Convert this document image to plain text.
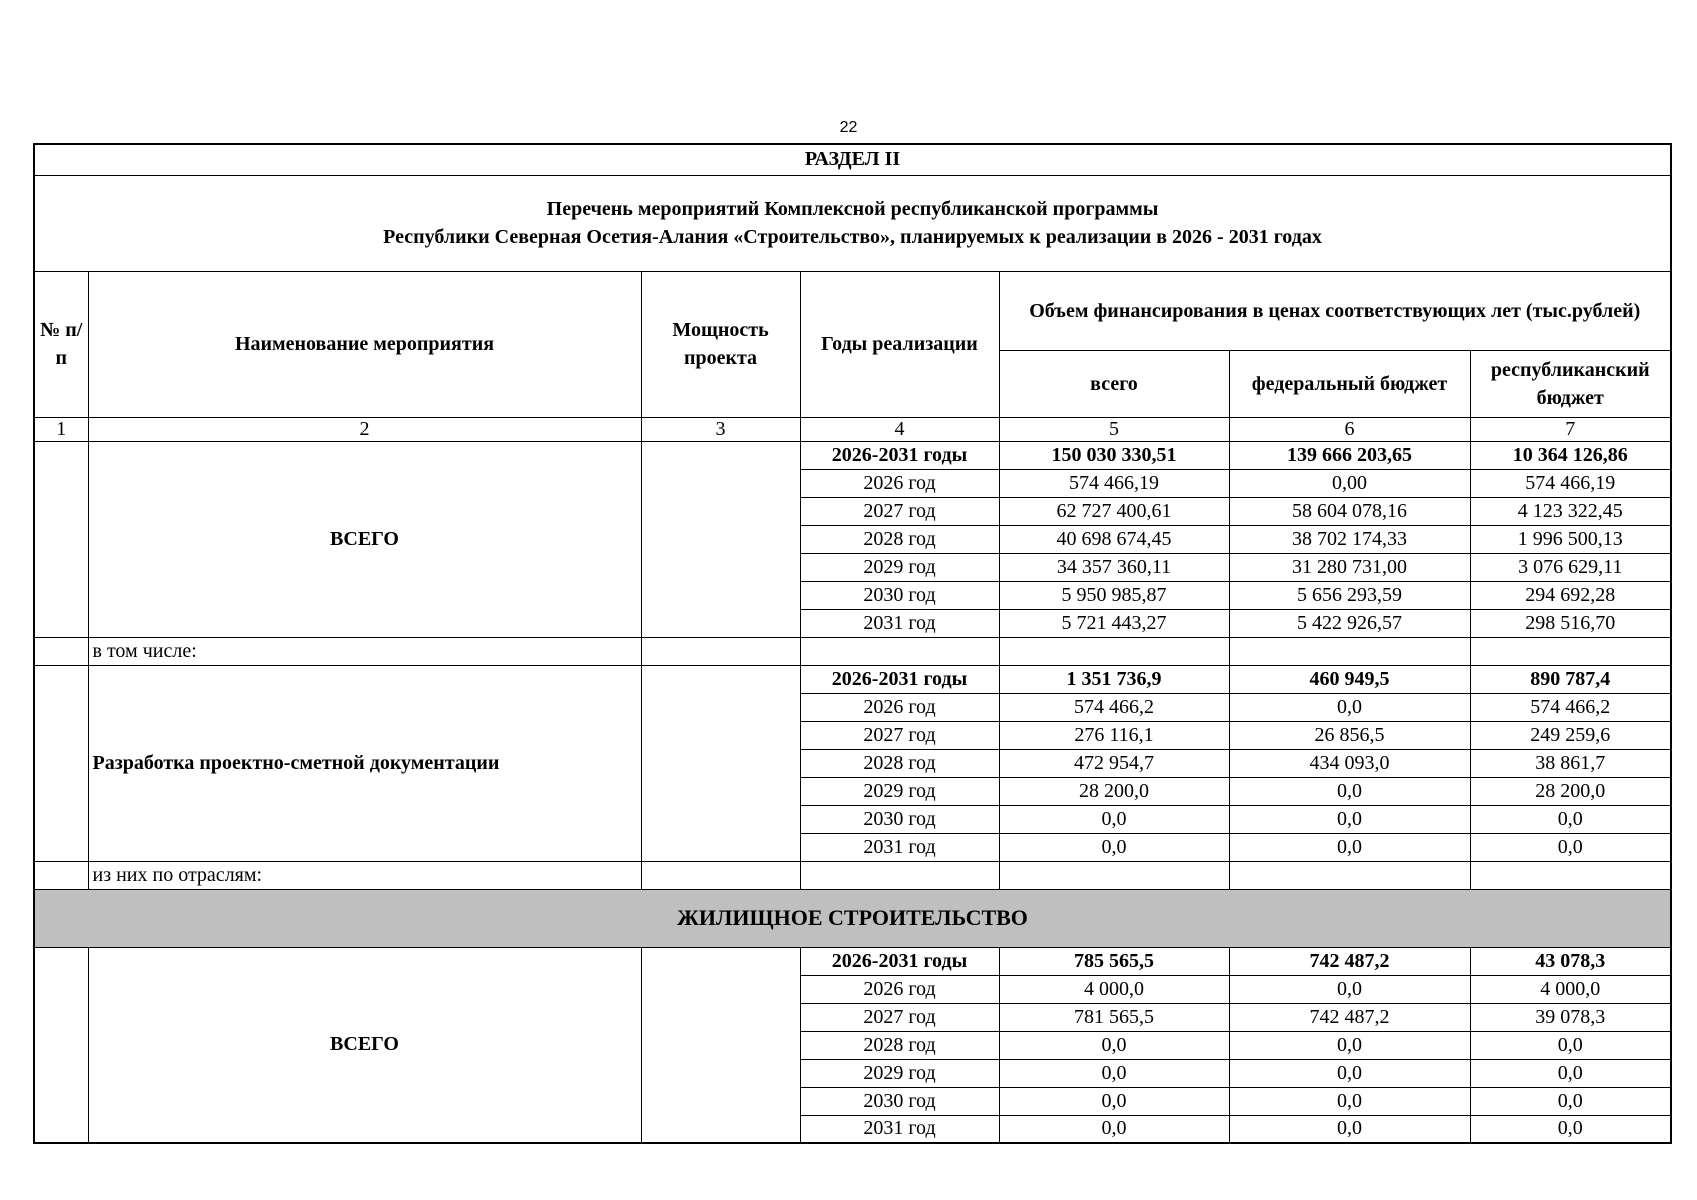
22
РАЗДЕЛ II						

Перечень мероприятий Комплексной республиканской программы
Республики Северная Осетия-Алания «Строительство», планируемых к реализации в 2026 - 2031 годах						

№ п/п	Наименование мероприятия	Мощность проекта	Годы реализации	Объем финансирования в ценах соответствующих лет (тыс.рублей)		
				всего	федеральный бюджет	республиканский бюджет
1	2	3	4	5	6	7
	ВСЕГО		2026-2031 годы	150 030 330,51	139 666 203,65	10 364 126,86
			2026 год	574 466,19	0,00	574 466,19
			2027 год	62 727 400,61	58 604 078,16	4 123 322,45
			2028 год	40 698 674,45	38 702 174,33	1 996 500,13
			2029 год	34 357 360,11	31 280 731,00	3 076 629,11
			2030 год	5 950 985,87	5 656 293,59	294 692,28
			2031 год	5 721 443,27	5 422 926,57	298 516,70
	в том числе:					
	Разработка проектно-сметной документации		2026-2031 годы	1 351 736,9	460 949,5	890 787,4
			2026 год	574 466,2	0,0	574 466,2
			2027 год	276 116,1	26 856,5	249 259,6
			2028 год	472 954,7	434 093,0	38 861,7
			2029 год	28 200,0	0,0	28 200,0
			2030 год	0,0	0,0	0,0
			2031 год	0,0	0,0	0,0
	из них по отраслям:					
ЖИЛИЩНОЕ СТРОИТЕЛЬСТВО						
	ВСЕГО		2026-2031 годы	785 565,5	742 487,2	43 078,3
			2026 год	4 000,0	0,0	4 000,0
			2027 год	781 565,5	742 487,2	39 078,3
			2028 год	0,0	0,0	0,0
			2029 год	0,0	0,0	0,0
			2030 год	0,0	0,0	0,0
			2031 год	0,0	0,0	0,0
